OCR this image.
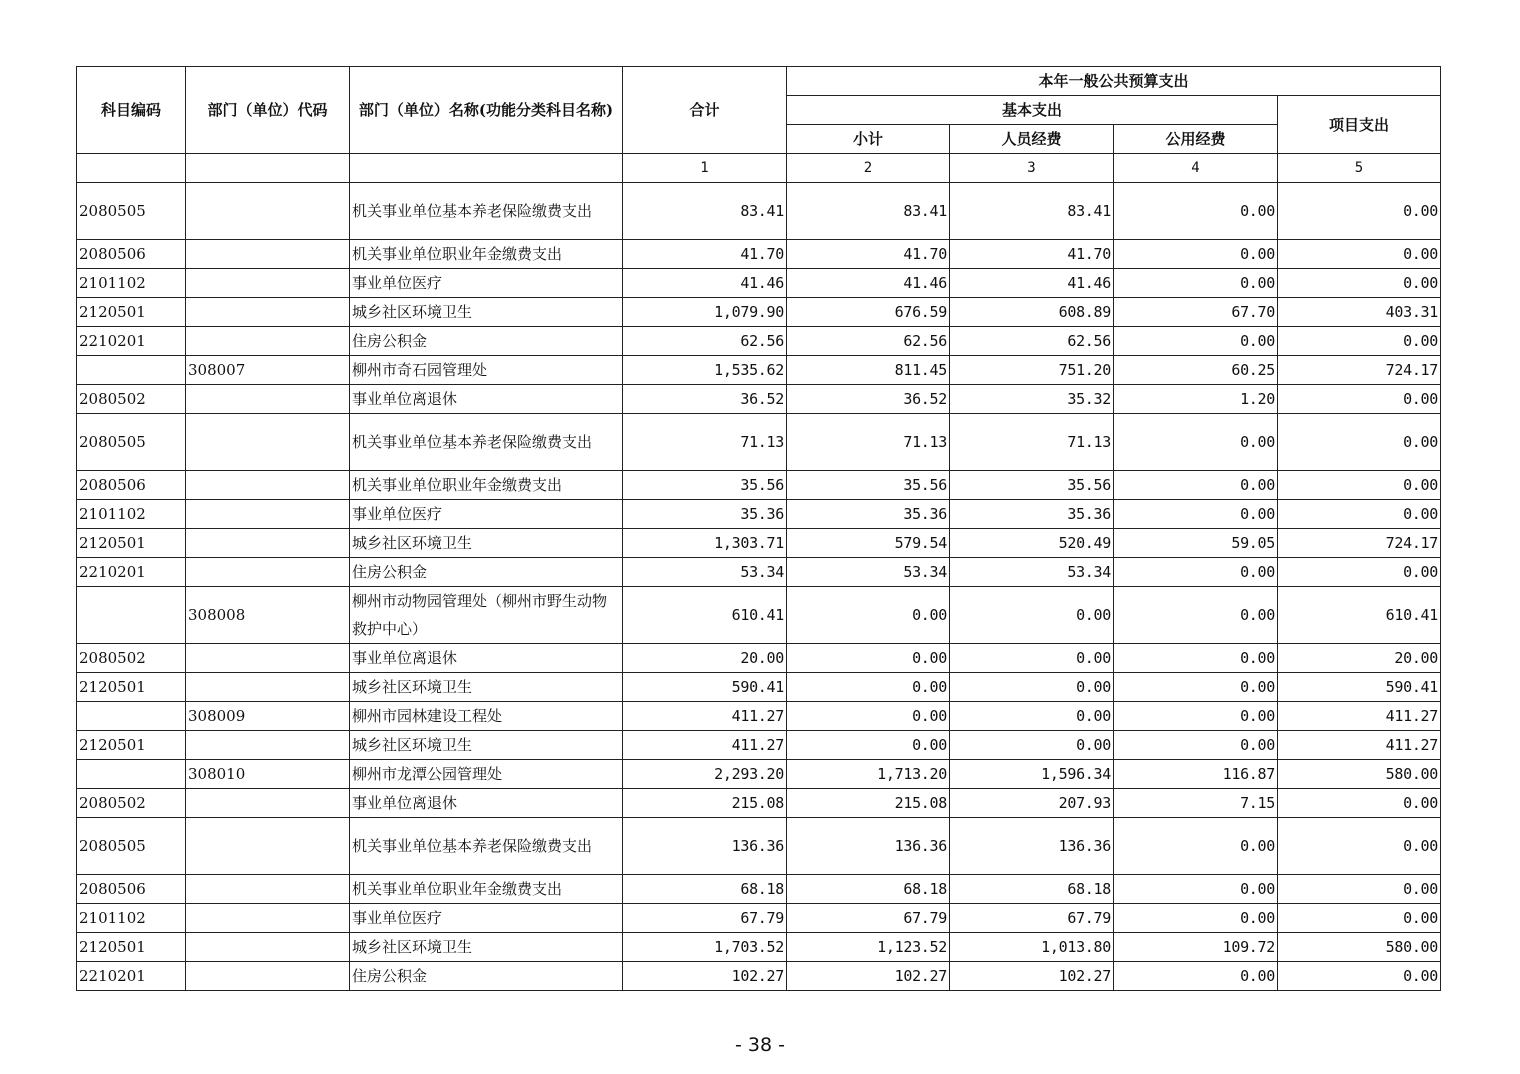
科目编码	部门（单位）代码	部门（单位）名称(功能分类科目名称)	合计	本年一般公共预算支出			
				基本支出			项目支出
				小计	人员经费	公用经费	
			1	2	3	4	5
2080505		机关事业单位基本养老保险缴费支出	83.41	83.41	83.41	0.00	0.00
2080506		机关事业单位职业年金缴费支出	41.70	41.70	41.70	0.00	0.00
2101102		事业单位医疗	41.46	41.46	41.46	0.00	0.00
2120501		城乡社区环境卫生	1,079.90	676.59	608.89	67.70	403.31
2210201		住房公积金	62.56	62.56	62.56	0.00	0.00
	308007	柳州市奇石园管理处	1,535.62	811.45	751.20	60.25	724.17
2080502		事业单位离退休	36.52	36.52	35.32	1.20	0.00
2080505		机关事业单位基本养老保险缴费支出	71.13	71.13	71.13	0.00	0.00
2080506		机关事业单位职业年金缴费支出	35.56	35.56	35.56	0.00	0.00
2101102		事业单位医疗	35.36	35.36	35.36	0.00	0.00
2120501		城乡社区环境卫生	1,303.71	579.54	520.49	59.05	724.17
2210201		住房公积金	53.34	53.34	53.34	0.00	0.00
	308008	柳州市动物园管理处（柳州市野生动物救护中心）	610.41	0.00	0.00	0.00	610.41
2080502		事业单位离退休	20.00	0.00	0.00	0.00	20.00
2120501		城乡社区环境卫生	590.41	0.00	0.00	0.00	590.41
	308009	柳州市园林建设工程处	411.27	0.00	0.00	0.00	411.27
2120501		城乡社区环境卫生	411.27	0.00	0.00	0.00	411.27
	308010	柳州市龙潭公园管理处	2,293.20	1,713.20	1,596.34	116.87	580.00
2080502		事业单位离退休	215.08	215.08	207.93	7.15	0.00
2080505		机关事业单位基本养老保险缴费支出	136.36	136.36	136.36	0.00	0.00
2080506		机关事业单位职业年金缴费支出	68.18	68.18	68.18	0.00	0.00
2101102		事业单位医疗	67.79	67.79	67.79	0.00	0.00
2120501		城乡社区环境卫生	1,703.52	1,123.52	1,013.80	109.72	580.00
2210201		住房公积金	102.27	102.27	102.27	0.00	0.00
- 38 -
